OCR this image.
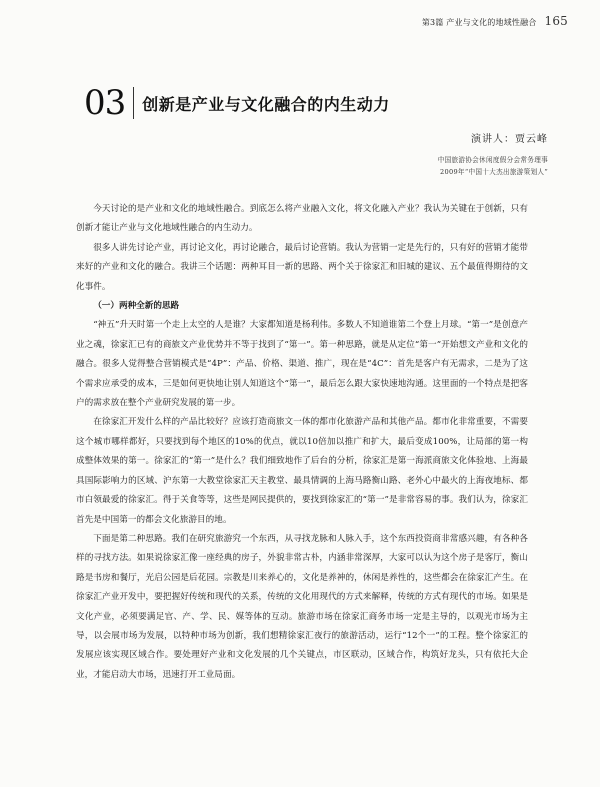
第3篇 产业与文化的地域性融合 165
03 创新是产业与文化融合的内生动力
演讲人：贾云峰
中国旅游协会休闲度假分会常务理事
2009年“中国十大杰出旅游策划人”

今天讨论的是产业和文化的地域性融合。到底怎么将产业融入文化，将文化融入产业？我认为关键在于创新，只有创新才能让产业与文化地域性融合的内生动力。

很多人讲先讨论产业，再讨论文化，再讨论融合，最后讨论营销。我认为营销一定是先行的，只有好的营销才能带来好的产业和文化的融合。我讲三个话题：两种耳目一新的思路、两个关于徐家汇和旧城的建议、五个最值得期待的文化事件。

（一）两种全新的思路

“神五”升天时第一个走上太空的人是谁？大家都知道是杨利伟。多数人不知道谁第二个登上月球。“第一”是创意产业之魂，徐家汇已有的商旅文产业优势并不等于找到了“第一”。第一种思路，就是从定位“第一”开始想文产业和文化的融合。很多人觉得整合营销模式是“4P”：产品、价格、渠道、推广，现在是“4C”：首先是客户有无需求，二是为了这个需求应承受的成本，三是如何更快地让别人知道这个“第一”，最后怎么跟大家快速地沟通。这里面的一个特点是把客户的需求放在整个产业研究发展的第一步。

在徐家汇开发什么样的产品比较好？应该打造商旅文一体的都市化旅游产品和其他产品。都市化非常重要，不需要这个城市哪样都好，只要找到每个地区的10%的优点，就以10倍加以推广和扩大，最后变成100%，让局部的第一构成整体效果的第一。徐家汇的“第一”是什么？我们细致地作了后台的分析，徐家汇是第一海派商旅文化体验地、上海最具国际影响力的区域、沪东第一大教堂徐家汇天主教堂、最具情调的上海马路衡山路、老外心中最火的上海夜地标、都市白领最爱的徐家汇。得于关食等等，这些是网民提供的，要找到徐家汇的“第一”是非常容易的事。我们认为，徐家汇首先是中国第一的都会文化旅游目的地。

下面是第二种思路。我们在研究旅游究一个东西，从寻找龙脉和人脉入手，这个东西投资商非常感兴趣，有各种各样的寻找方法。如果说徐家汇像一座经典的房子，外貌非常古朴，内涵非常深厚，大家可以认为这个房子是客厅，衡山路是书房和餐厅，光启公园是后花园。宗教是川来养心的，文化是养神的，休闲是养性的，这些都会在徐家汇产生。在徐家汇产业开发中，要把握好传统和现代的关系，传统的文化用现代的方式来解释，传统的方式有现代的市场。如果是文化产业，必须要满足官、产、学、民、媒等体的互动。旅游市场在徐家汇商务市场一定是主导的，以观光市场为主导，以会展市场为发展，以特种市场为创新，我们想精徐家汇夜行的旅游活动，运行“12个一”的工程。整个徐家汇的发展应该实现区域合作。要处理好产业和文化发展的几个关键点，市区联动，区域合作，构筑好龙头，只有依托大企业，才能启动大市场，迅速打开工业局面。
